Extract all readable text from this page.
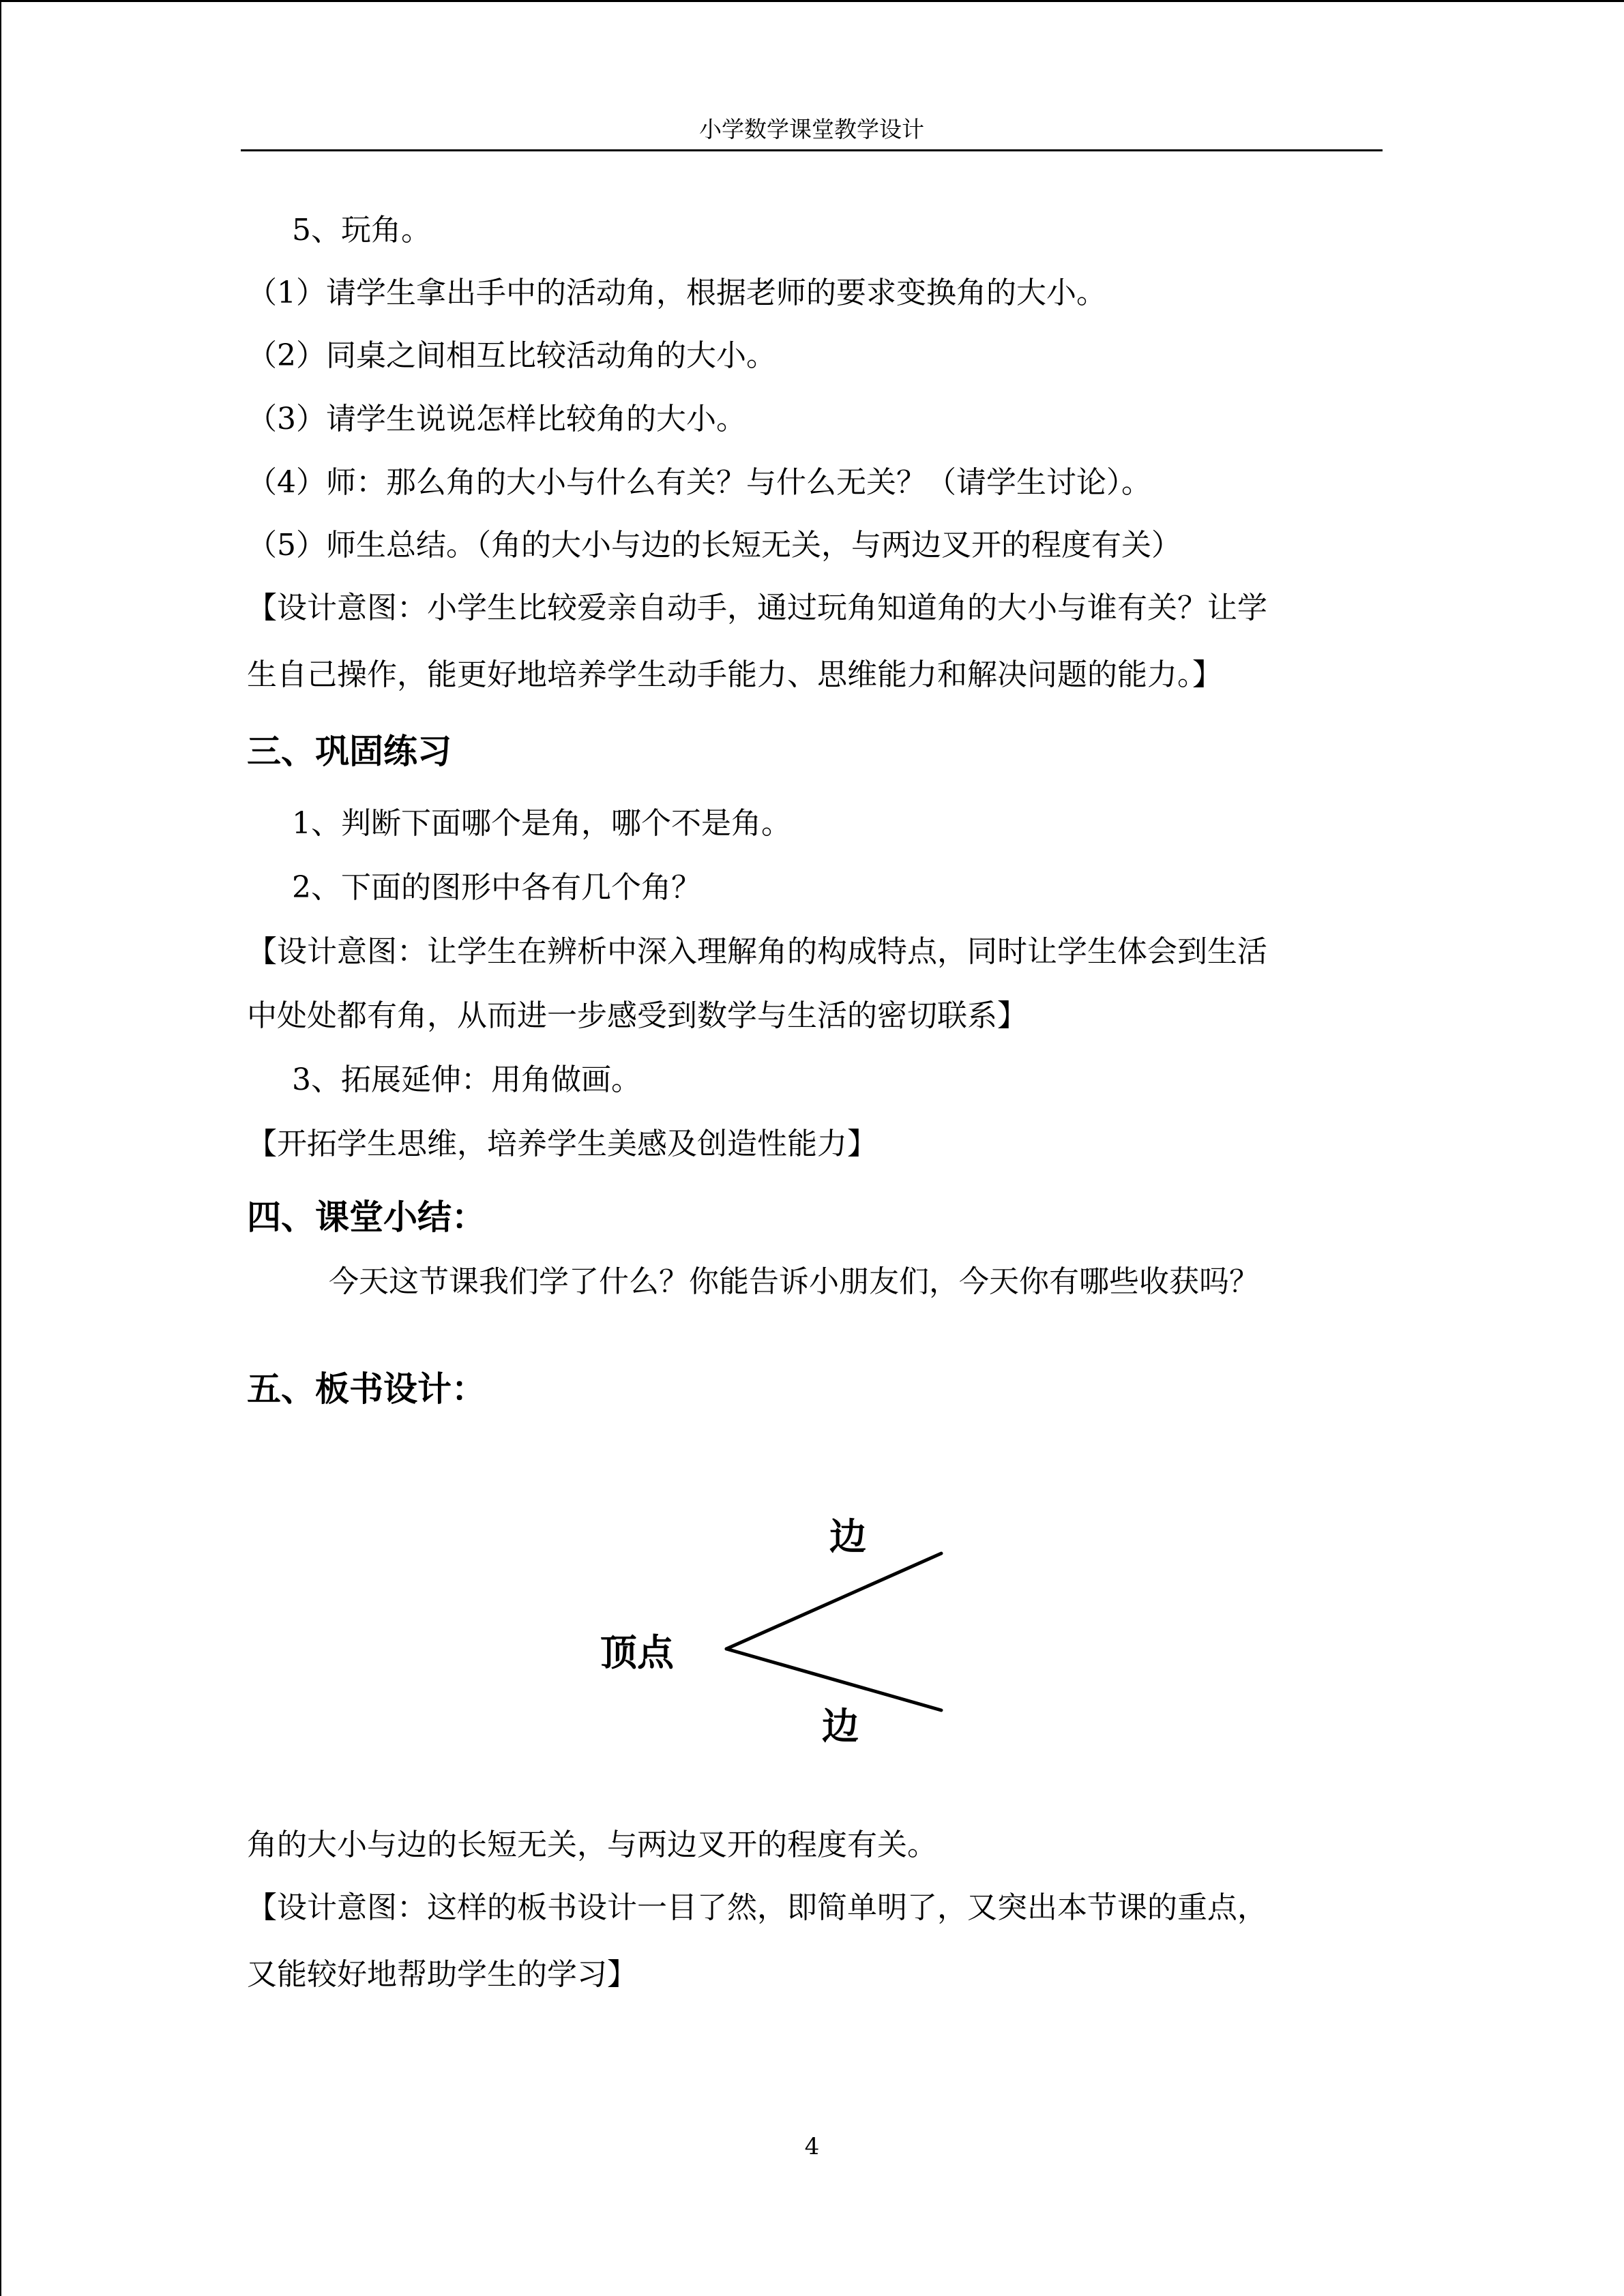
小学数学课堂教学设计
5、玩角。
（1）请学生拿出手中的活动角，根据老师的要求变换角的大小。
（2）同桌之间相互比较活动角的大小。
（3）请学生说说怎样比较角的大小。
（4）师：那么角的大小与什么有关？与什么无关？（请学生讨论）。
（5）师生总结。（角的大小与边的长短无关，与两边叉开的程度有关）
【设计意图：小学生比较爱亲自动手，通过玩角知道角的大小与谁有关？让学
生自己操作，能更好地培养学生动手能力、思维能力和解决问题的能力。】
三、巩固练习
1、判断下面哪个是角，哪个不是角。
2、下面的图形中各有几个角？
【设计意图：让学生在辨析中深入理解角的构成特点，同时让学生体会到生活
中处处都有角，从而进一步感受到数学与生活的密切联系】
3、拓展延伸：用角做画。
【开拓学生思维，培养学生美感及创造性能力】
四、课堂小结：
今天这节课我们学了什么？你能告诉小朋友们，今天你有哪些收获吗？
五、板书设计：
顶点
边
边
角的大小与边的长短无关，与两边叉开的程度有关。
【设计意图：这样的板书设计一目了然，即简单明了，又突出本节课的重点，
又能较好地帮助学生的学习】
4
